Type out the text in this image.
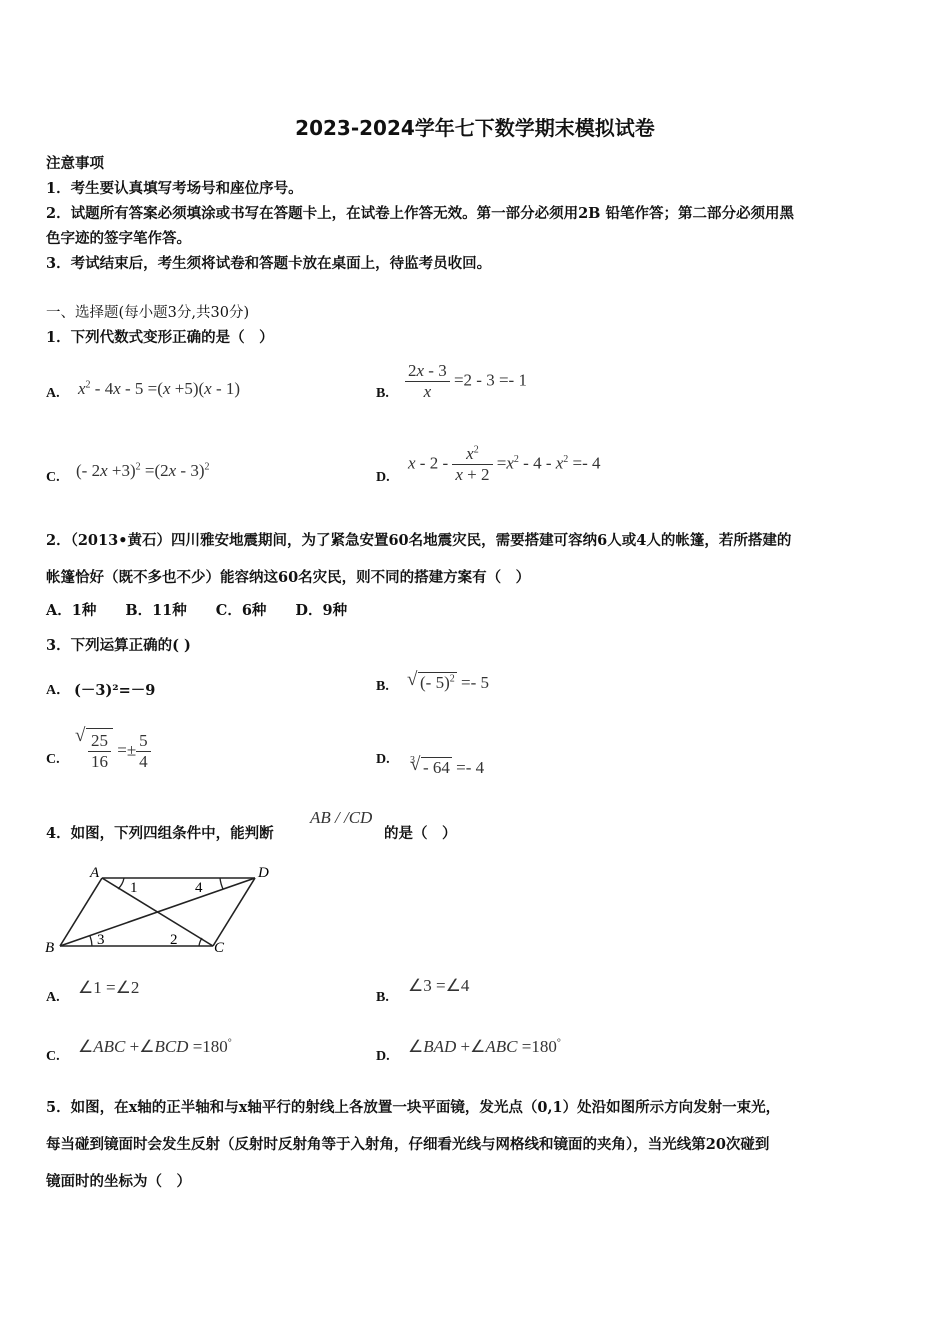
2023-2024学年七下数学期末模拟试卷
注意事项
1．考生要认真填写考场号和座位序号。
2．试题所有答案必须填涂或书写在答题卡上，在试卷上作答无效。第一部分必须用2B 铅笔作答；第二部分必须用黑
色字迹的签字笔作答。
3．考试结束后，考生须将试卷和答题卡放在桌面上，待监考员收回。
一、选择题(每小题3分,共30分)
1．下列代数式变形正确的是（　）
A. $x^2 - 4x - 5 =(x +5)(x - 1)$	B. $\frac{2x - 3}{x} =2 - 3 =- 1$
C. (- 2x +3)$^2$ =(2x - 3)$^2$
D.
$x - 2 - \frac{x^2}{x + 2} =x^2 - 4 - x^2 =- 4$
2．（2013•黄石）四川雅安地震期间，为了紧急安置60名地震灾民，需要搭建可容纳6人或4人的帐篷，若所搭建的
帐篷恰好（既不多也不少）能容纳这60名灾民，则不同的搭建方案有（　）
A．1种　　B．11种　　C．6种　　D．9种
3．下列运算正确的( )
A． (－3)²=－9	B.	√ (- 5)$^2$ =- 5
C. √ $\frac{25}{16} =\pm \frac{5}{4}$	D. $^3$ √ - 64 =- 4
4．如图，下列四组条件中，能判断
AB / /CD
的是（　）
A	D
B	C
1
2
3
4
A.
∠1 =∠2
B.
∠3 =∠4
C.
∠ABC +∠BCD =180°
D.
∠BAD +∠ABC =180°
5．如图，在x轴的正半轴和与x轴平行的射线上各放置一块平面镜，发光点（0,1）处沿如图所示方向发射一束光，
每当碰到镜面时会发生反射（反射时反射角等于入射角，仔细看光线与网格线和镜面的夹角），当光线第20次碰到
镜面时的坐标为（　）
